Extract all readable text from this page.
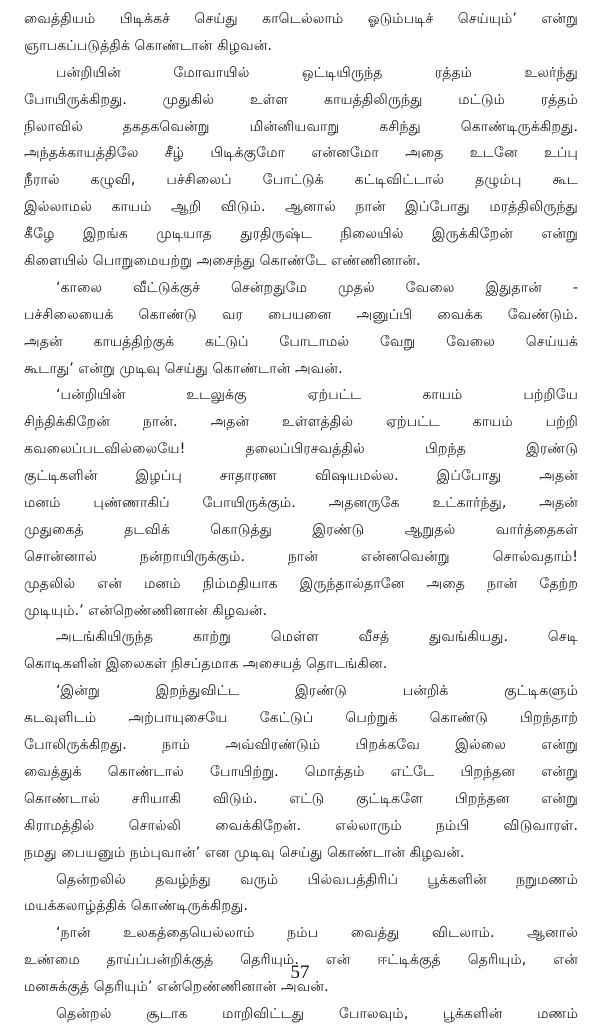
வைத்தியம் பிடிக்கச் செய்து காடெல்லாம் ஓடும்படிச் செய்யும்’ என்று
ஞாபகப்படுத்திக் கொண்டான் கிழவன்.
பன்றியின் மோவாயில் ஒட்டியிருந்த ரத்தம் உலர்ந்து
போயிருக்கிறது. முதுகில் உள்ள காயத்திலிருந்து மட்டும் ரத்தம்
நிலாவில் தகதகவென்று மின்னியவாறு கசிந்து கொண்டிருக்கிறது.
அந்தக்காயத்திலே சீழ் பிடிக்குமோ என்னமோ அதை உடனே உப்பு
நீரால் கழுவி, பச்சிலைப் போட்டுக் கட்டிவிட்டால் தழும்பு கூட
இல்லாமல் காயம் ஆறி விடும். ஆனால் நான் இப்போது மரத்திலிருந்து
கீழே இறங்க முடியாத துரதிருஷ்ட நிலையில் இருக்கிறேன் என்று
கிளையில் பொறுமையற்று அசைந்து கொண்டே எண்ணினான்.
‘காலை வீட்டுக்குச் சென்றதுமே முதல் வேலை இதுதான் -
பச்சிலையைக் கொண்டு வர பையனை அனுப்பி வைக்க வேண்டும்.
அதன் காயத்திற்குக் கட்டுப் போடாமல் வேறு வேலை செய்யக்
கூடாது’ என்று முடிவு செய்து கொண்டான் அவன்.
‘பன்றியின் உடலுக்கு ஏற்பட்ட காயம் பற்றியே
சிந்திக்கிறேன் நான். அதன் உள்ளத்தில் ஏற்பட்ட காயம் பற்றி
கவலைப்படவில்லையே! தலைப்பிரசவத்தில் பிறந்த இரண்டு
குட்டிகளின் இழப்பு சாதாரண விஷயமல்ல. இப்போது அதன்
மனம் புண்ணாகிப் போயிருக்கும். அதனருகே உட்கார்ந்து, அதன்
முதுகைத் தடவிக் கொடுத்து இரண்டு ஆறுதல் வார்த்தைகள்
சொன்னால் நன்றாயிருக்கும். நான் என்னவென்று சொல்வதாம்!
முதலில் என் மனம் நிம்மதியாக இருந்தால்தானே அதை நான் தேற்ற
முடியும்.’ என்றெண்ணினான் கிழவன்.
அடங்கியிருந்த காற்று மெள்ள வீசத் துவங்கியது. செடி
கொடிகளின் இலைகள் நிசப்தமாக அசையத் தொடங்கின.
‘இன்று இறந்துவிட்ட இரண்டு பன்றிக் குட்டிகளும்
கடவுளிடம் அற்பாயுசையே கேட்டுப் பெற்றுக் கொண்டு பிறந்தாற்
போலிருக்கிறது. நாம் அவ்விரண்டும் பிறக்கவே இல்லை என்று
வைத்துக் கொண்டால் போயிற்று. மொத்தம் எட்டே பிறந்தன என்று
கொண்டால் சரியாகி விடும். எட்டு குட்டிகளே பிறந்தன என்று
கிராமத்தில் சொல்லி வைக்கிறேன். எல்லாரும் நம்பி விடுவாரள்.
நமது பையனும் நம்புவான்’ என முடிவு செய்து கொண்டான் கிழவன்.
தென்றலில் தவழ்ந்து வரும் பில்வபத்திரிப் பூக்களின் நறுமணம்
மயக்கலாழ்த்திக் கொண்டிருக்கிறது.
‘நான் உலகத்தையெல்லாம் நம்ப வைத்து விடலாம். ஆனால்
உண்மை தாய்ப்பன்றிக்குத் தெரியும். என் ஈட்டிக்குத் தெரியும், என்
மனசுக்குத் தெரியும்’ என்றெண்ணினான் அவன்.
தென்றல் சூடாக மாறிவிட்டது போலவும், பூக்களின் மணம்
57
